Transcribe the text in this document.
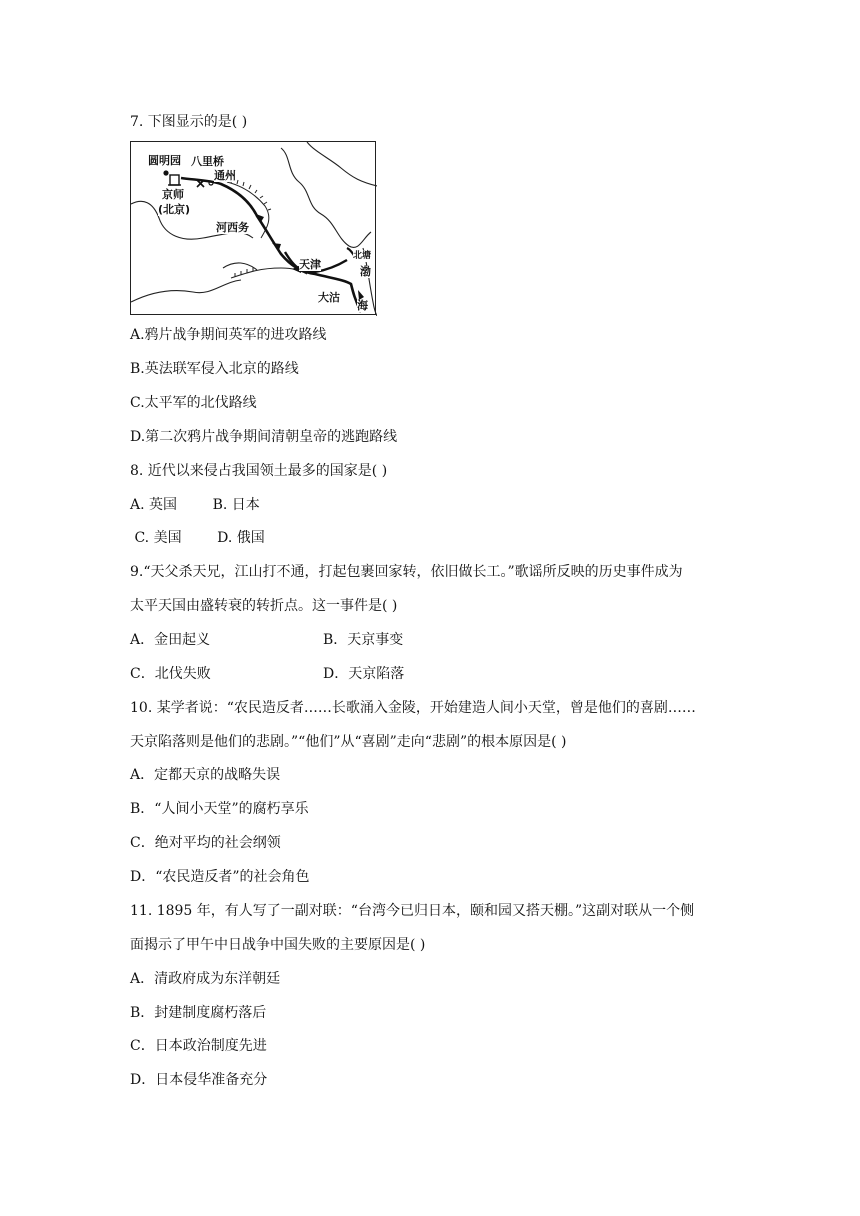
7. 下图显示的是( )
圆明园 八里桥
通州
京师
(北京)
河西务
天津
北塘
渤
大沽
海
A.鸦片战争期间英军的进攻路线
B.英法联军侵入北京的路线
C.太平军的北伐路线
D.第二次鸦片战争期间清朝皇帝的逃跑路线
8. 近代以来侵占我国领土最多的国家是( )
A. 英国        B. 日本
C. 美国        D. 俄国
9.“天父杀天兄，江山打不通，打起包裹回家转，依旧做长工。”歌谣所反映的历史事件成为
太平天国由盛转衰的转折点。这一事件是( )
A．金田起义	B．天京事变
C．北伐失败	D．天京陷落
10. 某学者说：“农民造反者……长歌涌入金陵，开始建造人间小天堂，曾是他们的喜剧……
天京陷落则是他们的悲剧。”“他们”从“喜剧”走向“悲剧”的根本原因是( )
A．定都天京的战略失误
B．“人间小天堂”的腐朽享乐
C．绝对平均的社会纲领
D．“农民造反者”的社会角色
11. 1895 年，有人写了一副对联：“台湾今已归日本，颐和园又搭天棚。”这副对联从一个侧
面揭示了甲午中日战争中国失败的主要原因是( )
A．清政府成为东洋朝廷
B．封建制度腐朽落后
C．日本政治制度先进
D．日本侵华准备充分
